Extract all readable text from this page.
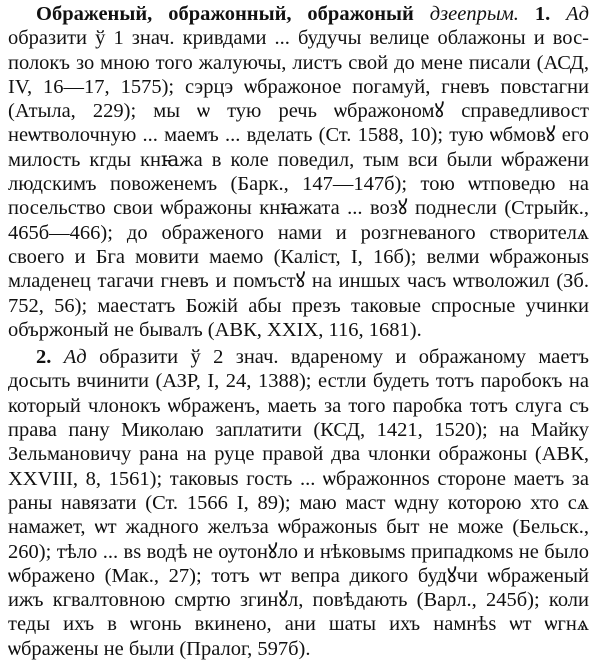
Ображеный, ображонный, ображоный дзеепрым. 1. Ад образити ў 1 знач. кривдами ... будучы велице облажоны и восполокъ зо мною того жалуючы, листъ свой до мене писали (АСД, IV, 16—17, 1575); сэрцэ ѡбражоное погамуй, гневъ повстагни (Атыла, 229); мы ѡ тую речь ѡбражономꙋ справедливост неѡтволочную ... маемъ ... вделать (Ст. 1588, 10); тую ѡбмовꙋ его милость кгды кнꙗжа в коле поведил, тым вси были ѡбражени людскимъ повоженемъ (Барк., 147—147б); тою ѡтповедю на посельство свои ѡбражоны кнꙗжата ... возꙋ поднесли (Стрыйк., 465б—466); до ображеного нами и розгневаного створителѧ своего и Бга мовити маемо (Калiст, I, 16б); велми ѡбражоныs младенец тагачи гневъ и помъстꙋ на иншых часъ ѡтволожил (Зб. 752, 56); маестатъ Божiй абы презъ таковые спросные учинки обържоный не бывалъ (АВК, XXIX, 116, 1681).

2. Ад образити ў 2 знач. вдареному и ображаному маетъ досыть вчинити (АЗР, I, 24, 1388); естли будеть тотъ паробокъ на который члонокъ ѡбраженъ, маеть за того паробка тотъ слуга съ права пану Миколаю заплатити (КСД, 1421, 1520); на Майку Зельмановичу рана на руце правой два члонки ображоны (АВК, XXVIII, 8, 1561); таковыs гость ... ѡбражонноs стороне маетъ за раны навязати (Ст. 1566 I, 89); маю маст ѡдну которою хто сѧ намажет, ѡт жадного желъза ѡбражоныs быт не може (Бельск., 260); тѣло ... вs водѣ не оутонꙋло и нѣковымs припадкомs не было ѡбражено (Мак., 27); тотъ ѡт вепра дикого будꙋчи ѡбраженый ижъ кгвалтовною смртю згинꙋл, повѣдають (Варл., 245б); коли теды ихъ в ѡгонь вкинено, ани шаты ихъ намнѣs ѡт ѡгнѧ ѡбражены не были (Пралог, 597б).
